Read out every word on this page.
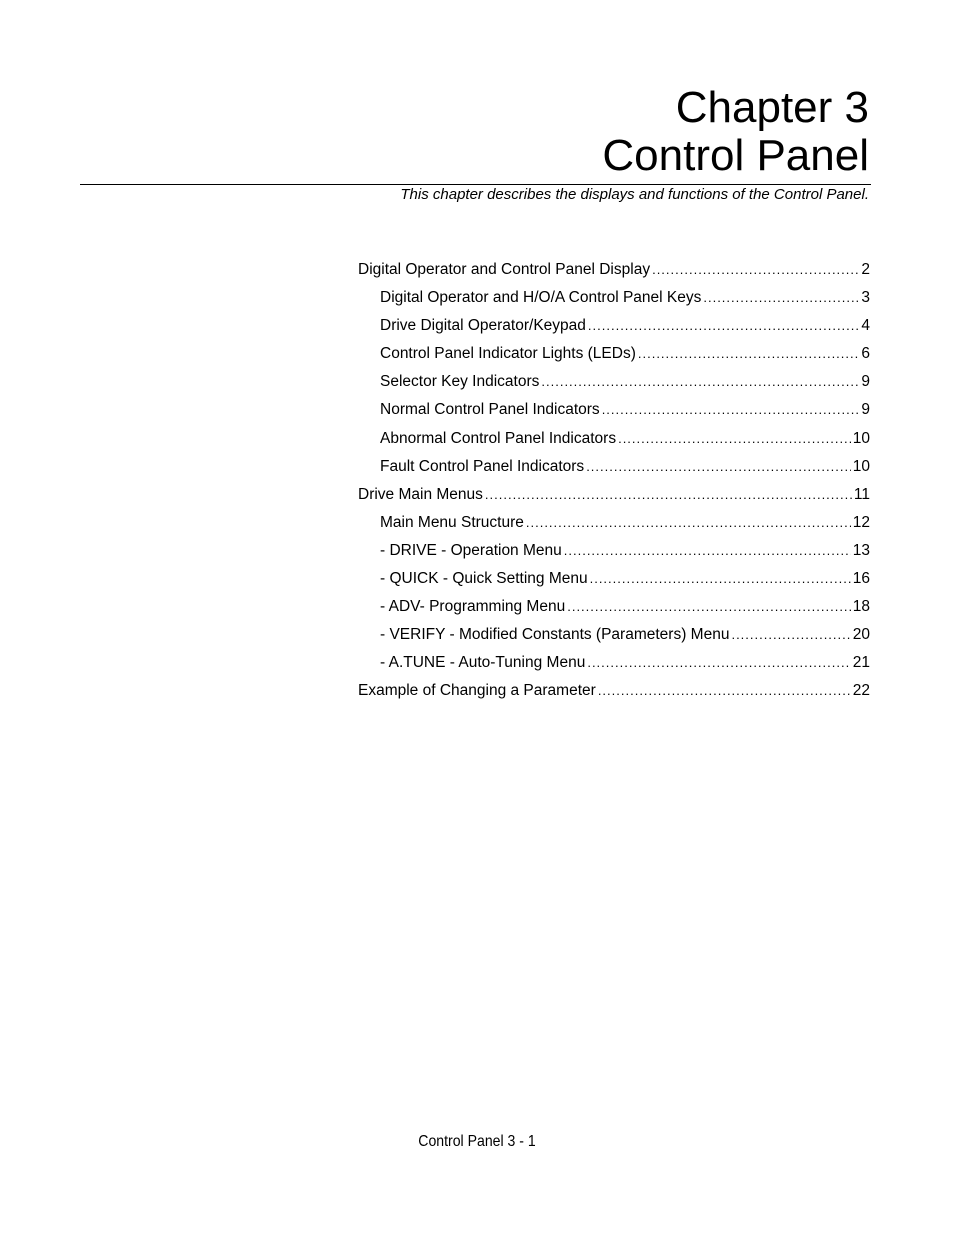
Chapter 3
Control Panel

This chapter describes the displays and functions of the Control Panel.

Digital Operator and Control Panel Display .....	2
Digital Operator and H/O/A Control Panel Keys .....	3
Drive Digital Operator/Keypad .....	4
Control Panel Indicator Lights (LEDs) .....	6
Selector Key Indicators .....	9
Normal Control Panel Indicators .....	9
Abnormal Control Panel Indicators .....	10
Fault Control Panel Indicators .....	10
Drive Main Menus .....	11
Main Menu Structure .....	12
- DRIVE - Operation Menu .....	13
- QUICK - Quick Setting Menu .....	16
- ADV- Programming Menu .....	18
- VERIFY - Modified Constants (Parameters) Menu .....	20
- A.TUNE - Auto-Tuning Menu .....	21
Example of Changing a Parameter .....	22

Control Panel 3 - 1
